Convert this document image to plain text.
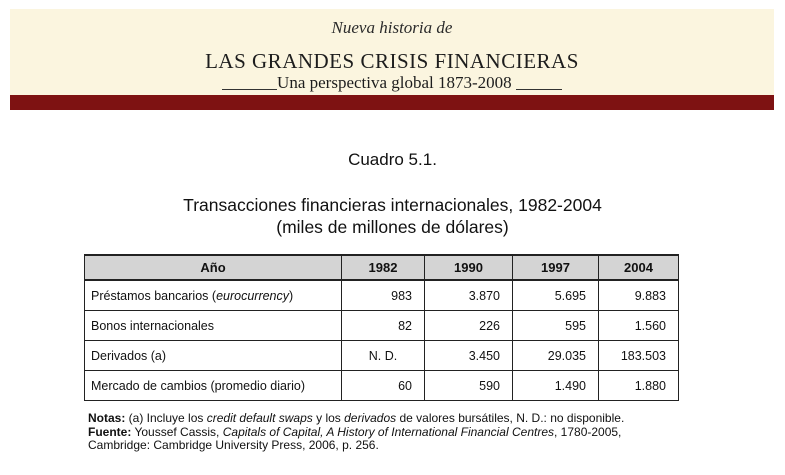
Nueva historia de
LAS GRANDES CRISIS FINANCIERAS
Una perspectiva global 1873-2008
Cuadro 5.1.
Transacciones financieras internacionales, 1982-2004
(miles de millones de dólares)
Año	1982	1990	1997	2004
Préstamos bancarios (eurocurrency)	983	3.870	5.695	9.883
Bonos internacionales	82	226	595	1.560
Derivados (a)	N. D.	3.450	29.035	183.503
Mercado de cambios (promedio diario)	60	590	1.490	1.880
Notas: (a) Incluye los credit default swaps y los derivados de valores bursátiles, N. D.: no disponible.
Fuente: Youssef Cassis, Capitals of Capital, A History of International Financial Centres, 1780-2005,
Cambridge: Cambridge University Press, 2006, p. 256.
